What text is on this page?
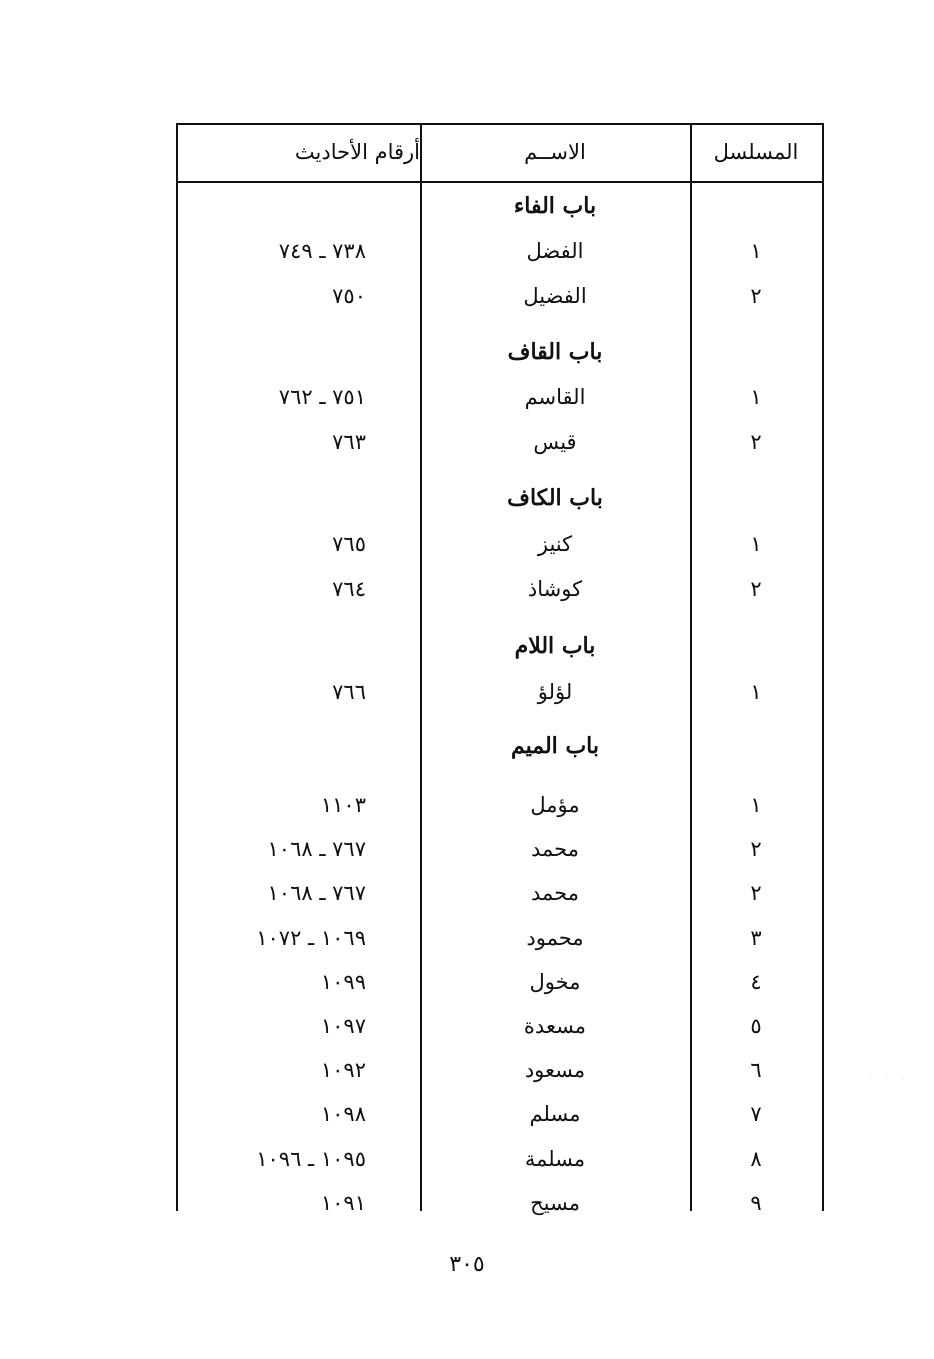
أرقام الأحاديث	الاســم	المسلسل
باب الفاء
٧٣٨ ـ ٧٤٩	الفضل	١
٧٥٠	الفضيل	٢
باب القاف
٧٥١ ـ ٧٦٢	القاسم	١
٧٦٣	قيس	٢
باب الكاف
٧٦٥	كنيز	١
٧٦٤	كوشاذ	٢
باب اللام
٧٦٦	لؤلؤ	١
باب الميم
١١٠٣	مؤمل	١
٧٦٧ ـ ١٠٦٨	محمد	٢
٧٦٧ ـ ١٠٦٨	محمد	٢
١٠٦٩ ـ ١٠٧٢	محمود	٣
١٠٩٩	مخول	٤
١٠٩٧	مسعدة	٥
١٠٩٢	مسعود	٦
١٠٩٨	مسلم	٧
١٠٩٥ ـ ١٠٩٦	مسلمة	٨
١٠٩١	مسيح	٩
٣٠٥
· · ·
